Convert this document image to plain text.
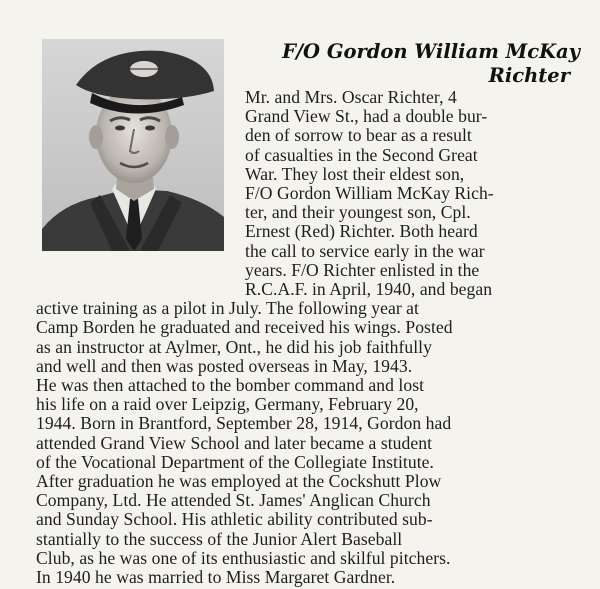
F/O Gordon William McKay
Richter
Mr. and Mrs. Oscar Richter, 4
Grand View St., had a double bur-
den of sorrow to bear as a result
of casualties in the Second Great
War. They lost their eldest son,
F/O Gordon William McKay Rich-
ter, and their youngest son, Cpl.
Ernest (Red) Richter. Both heard
the call to service early in the war
years. F/O Richter enlisted in the
R.C.A.F. in April, 1940, and began
active training as a pilot in July. The following year at
Camp Borden he graduated and received his wings. Posted
as an instructor at Aylmer, Ont., he did his job faithfully
and well and then was posted overseas in May, 1943.
He was then attached to the bomber command and lost
his life on a raid over Leipzig, Germany, February 20,
1944. Born in Brantford, September 28, 1914, Gordon had
attended Grand View School and later became a student
of the Vocational Department of the Collegiate Institute.
After graduation he was employed at the Cockshutt Plow
Company, Ltd. He attended St. James' Anglican Church
and Sunday School. His athletic ability contributed sub-
stantially to the success of the Junior Alert Baseball
Club, as he was one of its enthusiastic and skilful pitchers.
In 1940 he was married to Miss Margaret Gardner.
